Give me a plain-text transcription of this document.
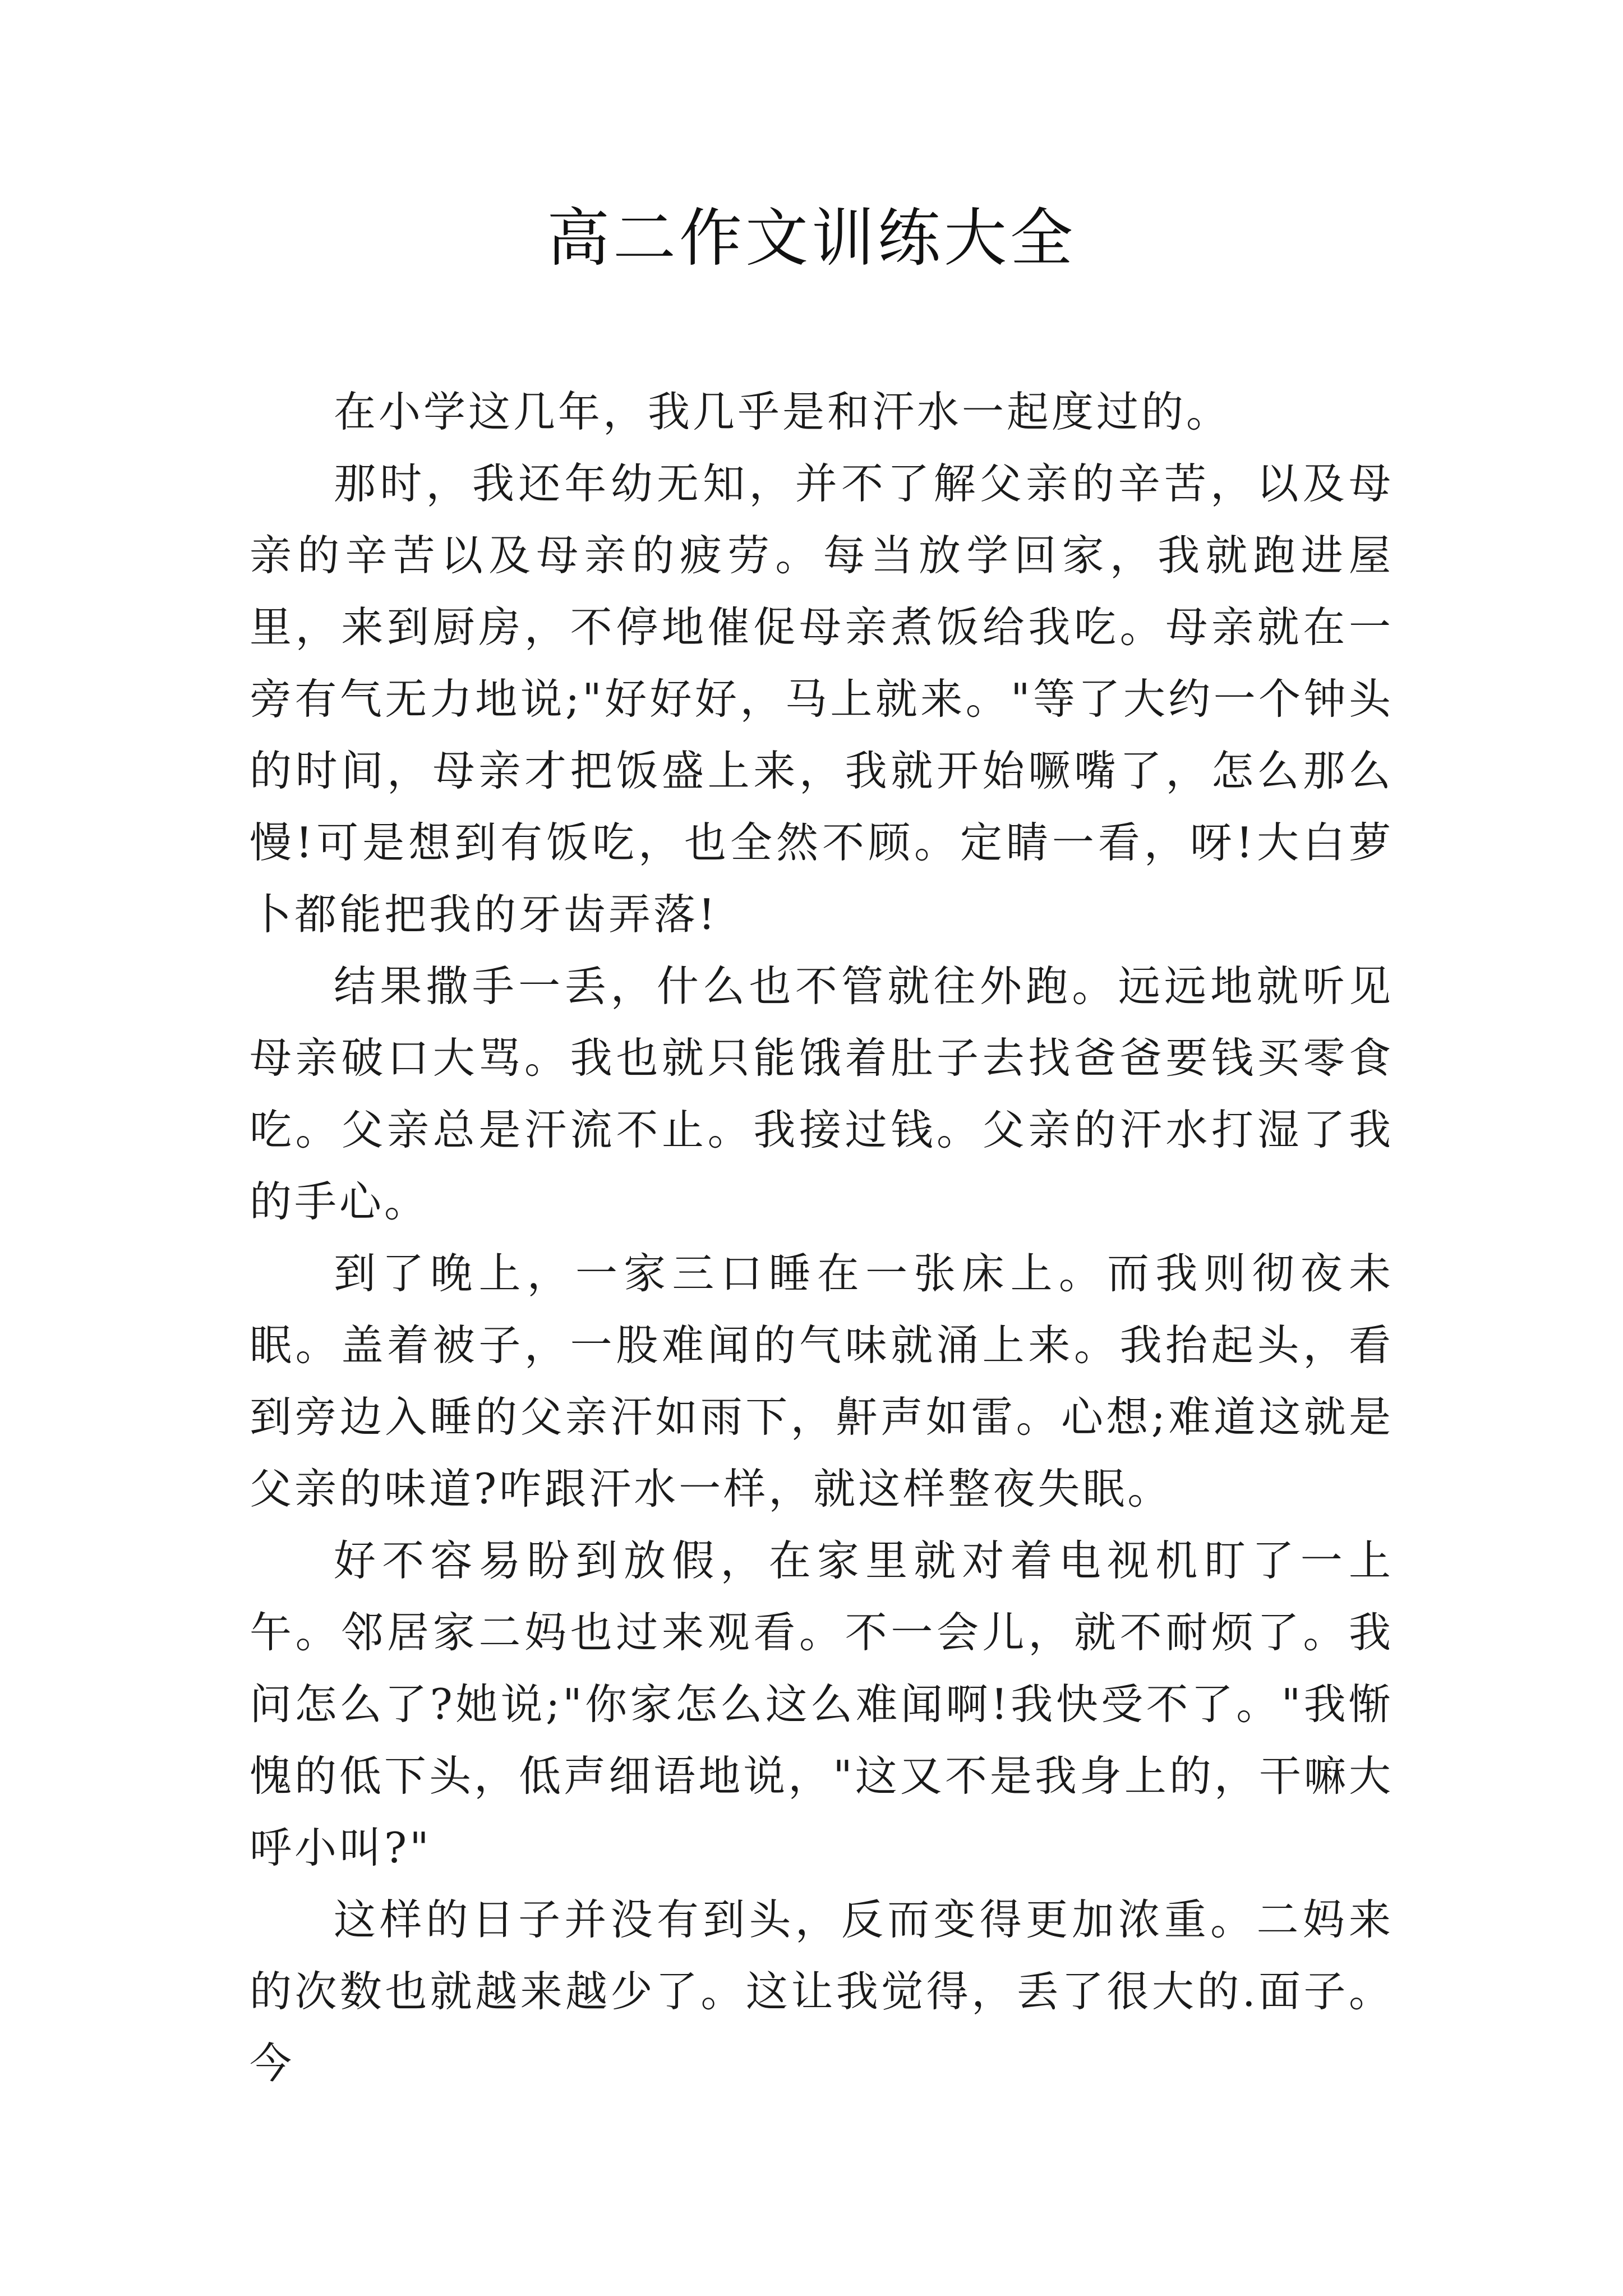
高二作文训练大全

在小学这几年，我几乎是和汗水一起度过的。

那时，我还年幼无知，并不了解父亲的辛苦，以及母亲的辛苦以及母亲的疲劳。每当放学回家，我就跑进屋里，来到厨房，不停地催促母亲煮饭给我吃。母亲就在一旁有气无力地说;"好好好，马上就来。"等了大约一个钟头的时间，母亲才把饭盛上来，我就开始噘嘴了，怎么那么慢!可是想到有饭吃，也全然不顾。定睛一看，呀!大白萝卜都能把我的牙齿弄落!

结果撒手一丢，什么也不管就往外跑。远远地就听见母亲破口大骂。我也就只能饿着肚子去找爸爸要钱买零食吃。父亲总是汗流不止。我接过钱。父亲的汗水打湿了我的手心。

到了晚上，一家三口睡在一张床上。而我则彻夜未眠。盖着被子，一股难闻的气味就涌上来。我抬起头，看到旁边入睡的父亲汗如雨下，鼾声如雷。心想;难道这就是父亲的味道?咋跟汗水一样，就这样整夜失眠。

好不容易盼到放假，在家里就对着电视机盯了一上午。邻居家二妈也过来观看。不一会儿，就不耐烦了。我问怎么了?她说;"你家怎么这么难闻啊!我快受不了。"我惭愧的低下头，低声细语地说，"这又不是我身上的，干嘛大呼小叫?"

这样的日子并没有到头，反而变得更加浓重。二妈来的次数也就越来越少了。这让我觉得，丢了很大的.面子。今
